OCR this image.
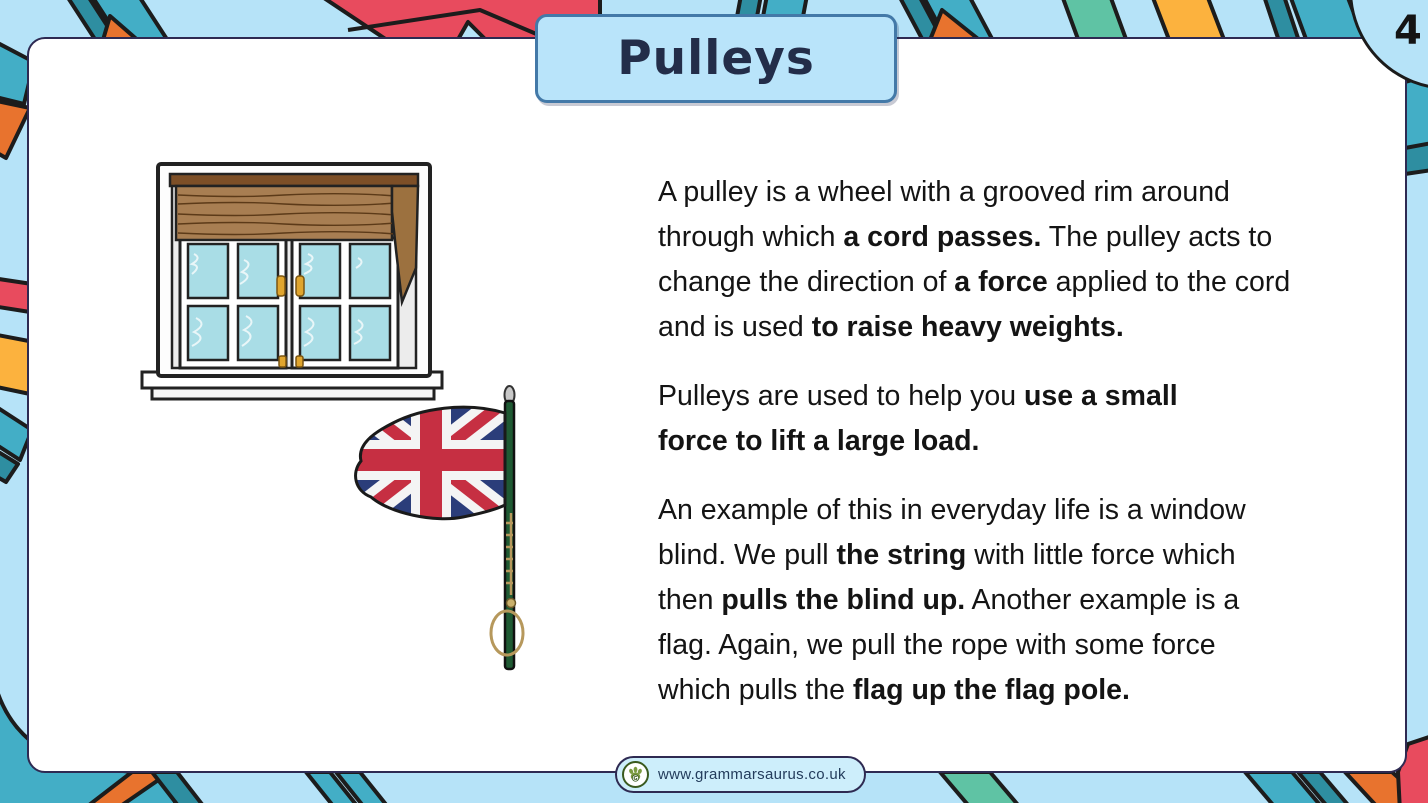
Pulleys	4

A pulley is a wheel with a grooved rim around
through which a cord passes. The pulley acts to
change the direction of a force applied to the cord
and is used to raise heavy weights.

Pulleys are used to help you use a small
force to lift a large load.

An example of this in everyday life is a window
blind. We pull the string with little force which
then pulls the blind up. Another example is a
flag. Again, we pull the rope with some force
which pulls the flag up the flag pole.

G www.grammarsaurus.co.uk
